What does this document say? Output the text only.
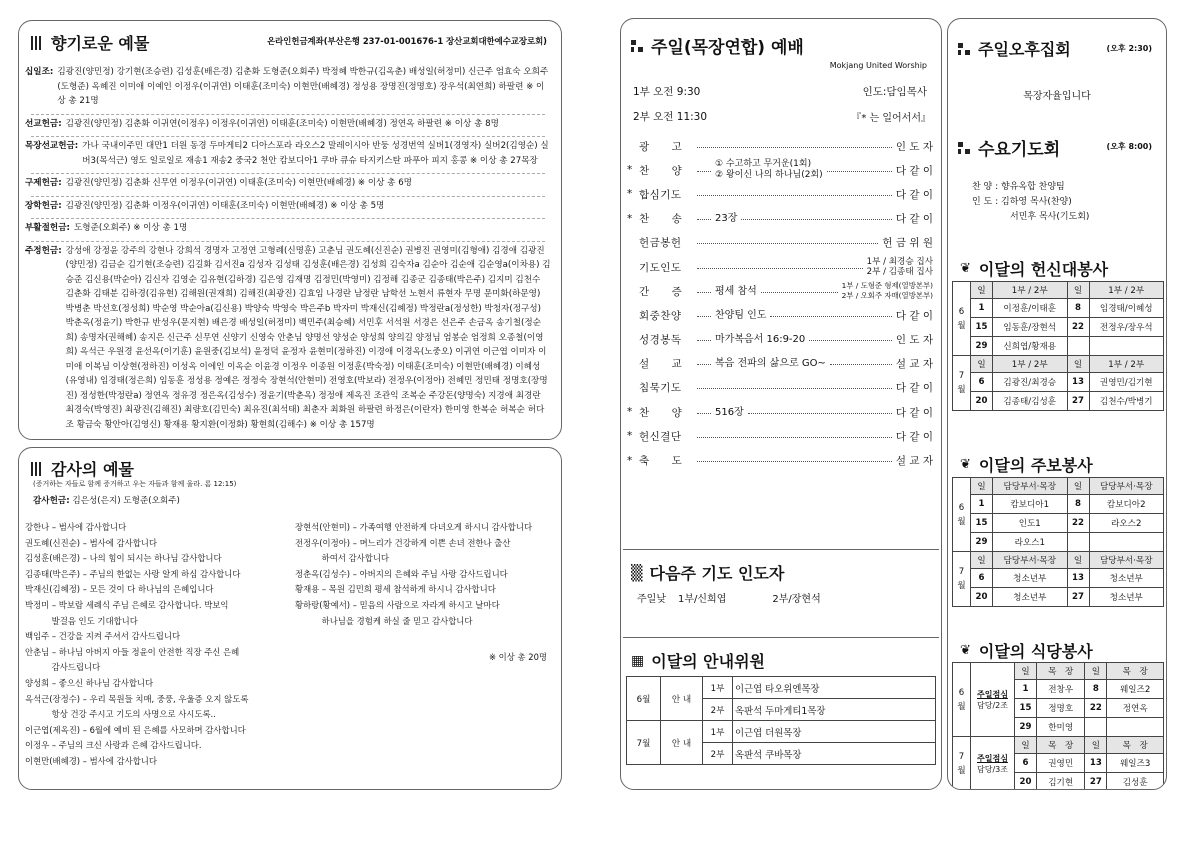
향기로운 예물	온라인헌금계좌(부산은행 237-01-001676-1 장산교회대한예수교장로회)
십일조: 김광진(양민정) 강기현(조승련) 김성훈(배은경) 김춘화 도형준(오회주) 박정혜 박한규(김옥춘) 배성일(허정미) 신근주 엄효숙 오희주(도형준) 옥혜진 이미애 이예인 이정우(이귀연) 이태훈(조미숙) 이현만(배혜경) 정성용 장명진(정명호) 장우석(최연희) 하팔련 ※ 이상 총 21명
선교헌금: 김광진(양민정) 김춘화 이귀연(이정우) 이정우(이귀연) 이태훈(조미숙) 이현만(배혜경) 정연옥 하팔련 ※ 이상 총 8명
목장선교헌금: 가나 국내이주민 대만1 더원 동경 두마게티2 디아스포라 라오스2 말레이시아 반둥 성경번역 실버1(경영자) 실버2(김영순) 실버3(목석근) 영도 일로일로 재송1 재송2 중국2 천안 캄보디아1 쿠바 큐슈 타지키스탄 파푸아 피지 홍콩 ※ 이상 총 27목장
구제헌금: 김광진(양민정) 김춘화 신무연 이정우(이귀연) 이태훈(조미숙) 이현만(배혜경) ※ 이상 총 6명
장학헌금: 김광진(양민정) 김춘화 이정우(이귀연) 이태훈(조미숙) 이현만(배혜경) ※ 이상 총 5명
부활절헌금: 도형준(오회주) ※ 이상 총 1명
주정헌금: 강성애 강정윤 강주의 강현나 강희석 경명자 고정연 고형례(신명훈) 고춘님 권도혜(신진순) 권병진 권영미(김형애) 김경애 김광진(양민정) 김금순 김기현(조승련) 김길화 김서진a 김성자 김성태 김성훈(배은경) 김성희 김숙자a 김순아 김순애 김순영a(이차용) 김승준 김신용(박순아) 김신자 김영순 김유현(김하경) 김은영 김재명 김정민(박영미) 김정해 김종군 김종태(박은주) 김지미 김천수 김춘화 김태분 김하경(김유현) 김해원(권재희) 김해진(최광진) 김효임 나경란 남정란 남학선 노현서 류현자 무명 문미화(하문영) 박병춘 박선호(정성희) 박순영 박순아a(김신용) 박양숙 박영숙 박은주b 박자미 박재신(김혜정) 박정란a(정성한) 박청자(정구성) 박춘옥(정윤기) 박한규 반성우(문지현) 배은경 배성일(허정미) 백민주(최승혜) 서민후 서석원 서경은 선은주 손금옥 송기철(정순희) 송명자(권해혜) 송지은 신근주 신무연 신양기 신영숙 안춘님 양명선 양성순 양성희 양의길 양정님 엄봉순 엄정희 오종철(이영희) 옥석근 우원경 윤선옥(이기훈) 윤원중(김보석) 윤정덕 윤정자 윤현미(정하진) 이경애 이경옥(노중오) 이귀연 이근엽 이미자 이미애 이복님 이상현(정하진) 이성옥 이에인 이옥순 이윤경 이정우 이종원 이정훈(박숙정) 이태훈(조미숙) 이현만(배혜경) 이혜성(유영내) 임경태(정은희) 임동훈 정성용 정예은 정정숙 장현석(안현미) 전영호(박보라) 전정우(이정아) 전혜민 정민태 정명호(장명진) 정성한(박정란a) 정연옥 정유경 정은옥(김성수) 정윤기(박춘옥) 정정애 제옥진 조관익 조복순 주강돈(양명숙) 지경애 최경란 최경숙(박영진) 최광진(김해진) 최량호(김민숙) 최유진(최석태) 최춘자 최화원 하팔련 하정은(이란자) 한미영 한복순 허복순 허다조 황금숙 황안아(김영신) 황재용 황지환(이정화) 황현희(김해수) ※ 이상 총 157명
감사의 예물
(증거하는 자들로 함께 증거하고 우는 자들과 함께 울라. 롬 12:15)
감사헌금: 김은성(은지) 도형준(오회주)
강한나 – 범사에 감사합니다
권도혜(신진순) – 범사에 감사합니다
김성훈(배은경) – 나의 힘이 되시는 하나님 감사합니다
김종태(박은주) – 주님의 한없는 사랑 알게 하심 감사합니다
박재신(김혜정) – 모든 것이 다 하나님의 은혜입니다
박정미 – 박보람 세례식 주님 은혜로 감사합니다. 박보익
발걸음 인도 기대합니다
백임주 – 건강을 지켜 주셔서 감사드립니다
안춘님 – 하나님 아버지 아들 정윤이 안전한 직장 주신 은혜
감사드립니다
양성희 – 좋으신 하나님 감사합니다
옥석근(장정수) – 우리 목원들 치매, 중풍, 우울증 오지 않도록
항상 건강 주시고 기도의 사명으로 사시도록..
이근엽(제옥진) – 6월에 예비 된 은혜를 사모하며 감사합니다
이정우 – 주님의 크신 사랑과 은혜 감사드립니다.
이현만(배혜경) – 범사에 감사합니다
장현석(안현미) – 가족여행 안전하게 다녀오게 하시니 감사합니다
전정우(이정아) – 며느리가 건강하게 이쁜 손녀 전한나 출산
하여서 감사합니다
정춘옥(김성수) – 아버지의 은혜와 주님 사랑 감사드립니다
황재용 – 목원 김민희 평세 참석하게 하시니 감사합니다
황하랑(황예서) – 믿음의 사람으로 자라게 하시고 날마다
하나님을 경험케 하실 줄 믿고 감사합니다
※ 이상 총 20명
주일(목장연합) 예배
Mokjang United Worship
1부 오전 9:30	인도:담임목사
2부 오전 11:30	『* 는 일어서서』
광　　고	인 도 자
* 찬　　양
① 수고하고 무거운(1회)
② 왕이신 나의 하나님(2회)	다 같 이
* 합심기도	다 같 이
* 찬　　송	23장	다 같 이
헌금봉헌	헌 금 위 원
기도인도	1부 / 최경승 집사
2부 / 김종태 집사
간　　증	평세 참석	1부 / 도형준 형제(열방본부)
2부 / 오회주 자매(열방본부)
회중찬양	찬양팀 인도	다 같 이
성경봉독	마가복음서 16:9-20	인 도 자
설　　교	복음 전파의 삶으로 GO~	설 교 자
침묵기도	다 같 이
* 찬　　양	516장	다 같 이
* 헌신결단	다 같 이
* 축　　도	설 교 자
▒ 다음주 기도 인도자
주일낮 1부/신희엽	2부/장현석
▦ 이달의 안내위원
6월	안 내	1부	이근엽 타오위엔목장
		2부	옥판석 두마게티1목장
7월	안 내	1부	이근엽 더원목장
		2부	옥판석 쿠바목장
주일오후집회	(오후 2:30)
목장자율입니다
수요기도회	(오후 8:00)
찬 양 : 향유옥합 찬양팀
인 도 : 김하영 목사(찬양)
서민후 목사(기도회)
❦ 이달의 헌신대봉사
6월	일	1부 / 2부	일	1부 / 2부
	1	이정훈/이태훈	8	임경태/이혜성
	15	임동훈/장현석	22	전정우/장우석
	29	신희엽/황재용		
7월	일	1부 / 2부	일	1부 / 2부
	6	김광진/최경승	13	권영민/김기현
	20	김종태/김성훈	27	김천수/박병기
❦ 이달의 주보봉사
6월	일	담당부서·목장	일	담당부서·목장
	1	캄보디아1	8	캄보디아2
	15	인도1	22	라오스2
	29	라오스1		
7월	일	담당부서·목장	일	담당부서·목장
	6	청소년부	13	청소년부
	20	청소년부	27	청소년부
❦ 이달의 식당봉사
6월	주일점심
담당/2조	일	목　장	일	목　장
		1	전창우	8	웨일즈2
		15	정명호	22	정연옥
		29	한미영		
7월	주일점심
담당/3조	일	목　장	일	목　장
		6	권영민	13	웨일즈3
		20	김기현	27	김성훈
